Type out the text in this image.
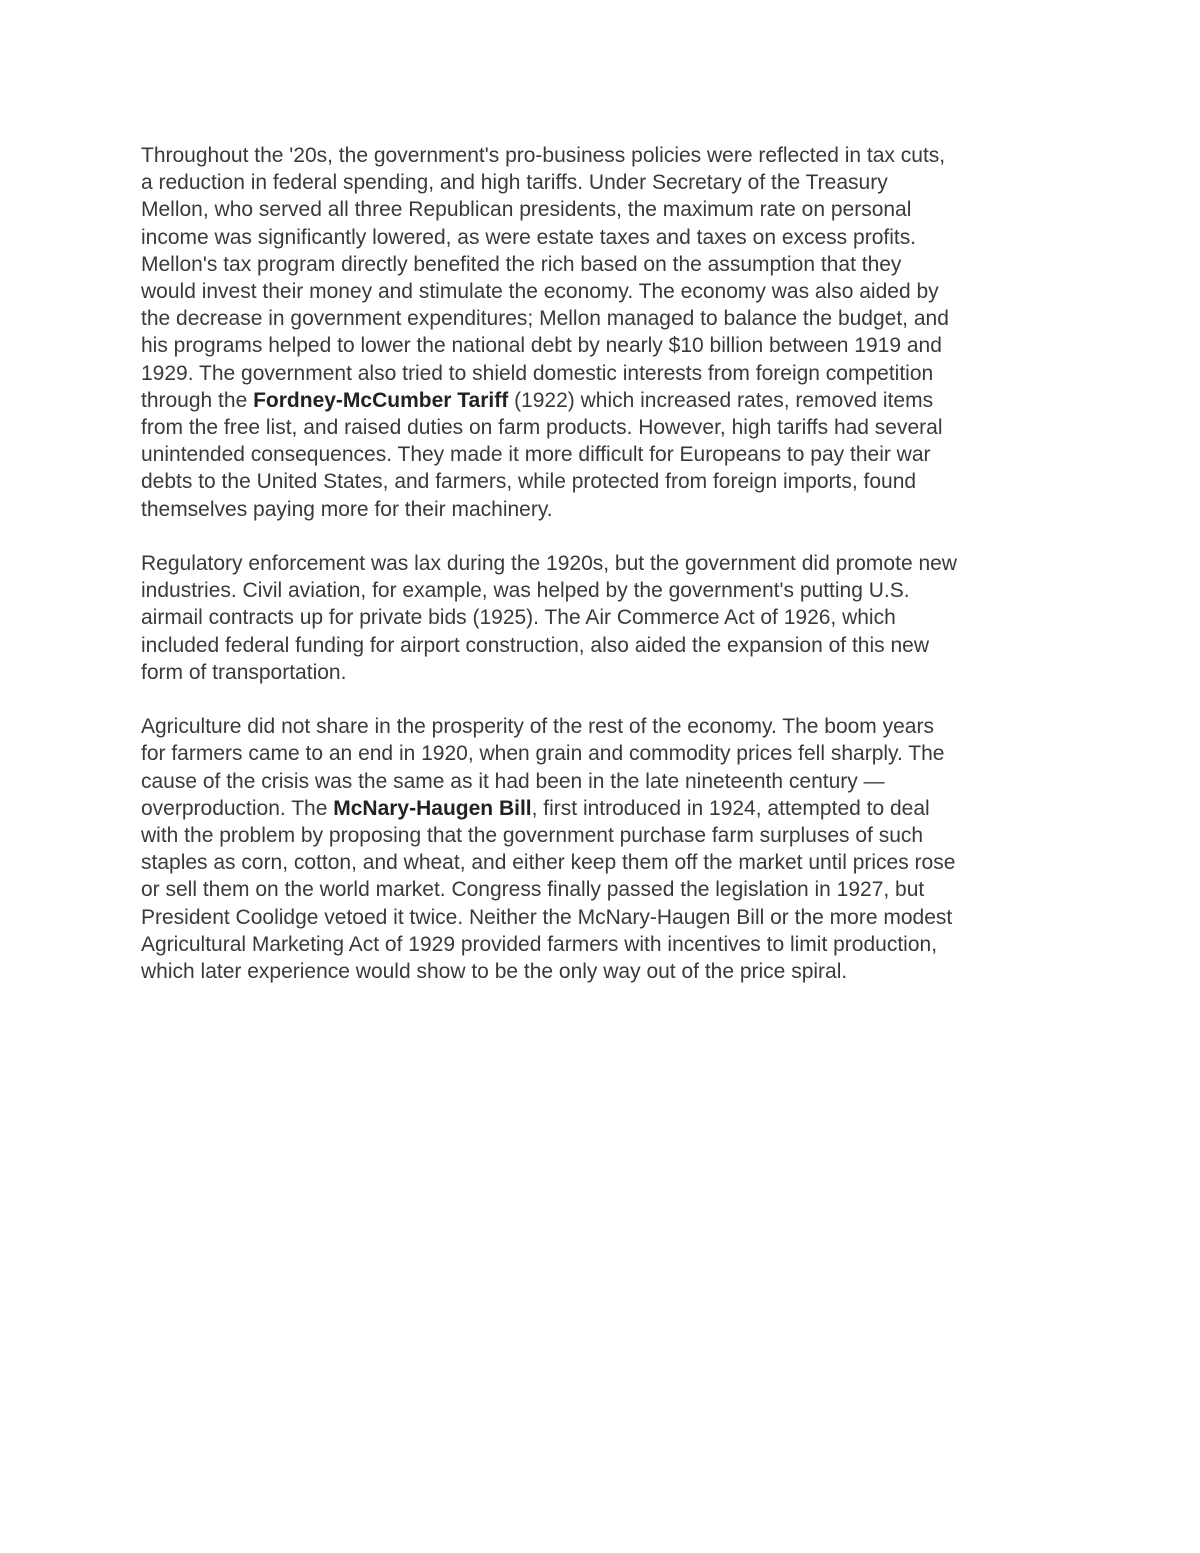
Throughout the '20s, the government's pro-business policies were reflected in tax cuts,
a reduction in federal spending, and high tariffs. Under Secretary of the Treasury
Mellon, who served all three Republican presidents, the maximum rate on personal
income was significantly lowered, as were estate taxes and taxes on excess profits.
Mellon's tax program directly benefited the rich based on the assumption that they
would invest their money and stimulate the economy. The economy was also aided by
the decrease in government expenditures; Mellon managed to balance the budget, and
his programs helped to lower the national debt by nearly $10 billion between 1919 and
1929. The government also tried to shield domestic interests from foreign competition
through the Fordney-McCumber Tariff (1922) which increased rates, removed items
from the free list, and raised duties on farm products. However, high tariffs had several
unintended consequences. They made it more difficult for Europeans to pay their war
debts to the United States, and farmers, while protected from foreign imports, found
themselves paying more for their machinery.

Regulatory enforcement was lax during the 1920s, but the government did promote new
industries. Civil aviation, for example, was helped by the government's putting U.S.
airmail contracts up for private bids (1925). The Air Commerce Act of 1926, which
included federal funding for airport construction, also aided the expansion of this new
form of transportation.

Agriculture did not share in the prosperity of the rest of the economy. The boom years
for farmers came to an end in 1920, when grain and commodity prices fell sharply. The
cause of the crisis was the same as it had been in the late nineteenth century —
overproduction. The McNary-Haugen Bill, first introduced in 1924, attempted to deal
with the problem by proposing that the government purchase farm surpluses of such
staples as corn, cotton, and wheat, and either keep them off the market until prices rose
or sell them on the world market. Congress finally passed the legislation in 1927, but
President Coolidge vetoed it twice. Neither the McNary-Haugen Bill or the more modest
Agricultural Marketing Act of 1929 provided farmers with incentives to limit production,
which later experience would show to be the only way out of the price spiral.
